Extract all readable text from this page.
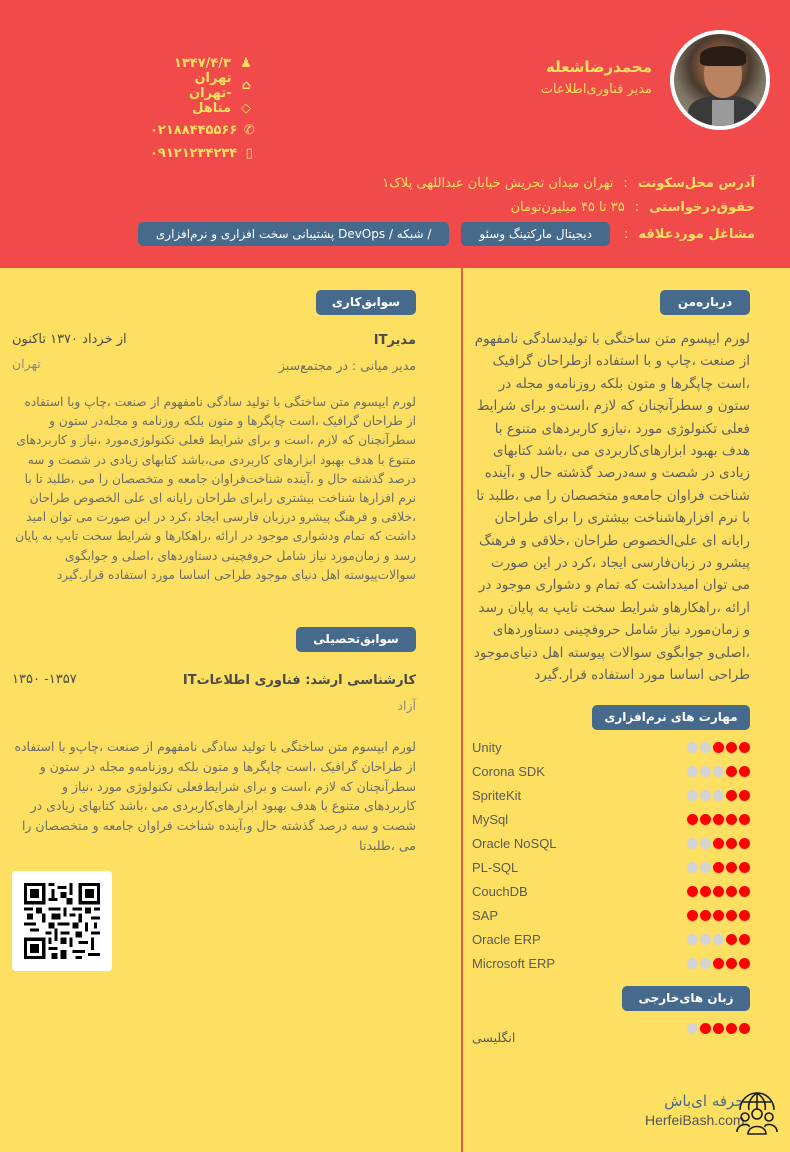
محمدرضاشعله
مدیر فناوری‌اطلاعات
♟
۱۳۴۷/۴/۳
⌂
تهران -تهران
◇
متاهل
✆
۰۲۱۸۸۴۴۵۵۶۶
▯
۰۹۱۲۱۲۳۴۲۳۴
آدرس محل‌سکونت
:
تهران میدان تجریش خیابان عبداللهی پلاک۱
حقوق‌درخواستی
:
۳۵ تا ۴۵ میلیون‌تومان
مشاغل موردعلاقه
:
دیجیتال مارکتینگ وسئو
/ شبکه / DevOps پشتیبانی سخت افزاری و نرم‌افزاری
درباره‌من
لورم ایپسوم متن ساختگی با تولیدسادگی نامفهوم از صنعت ،چاپ و با استفاده ازطراحان گرافیک ،است چاپگرها و متون بلکه روزنامه‌و مجله در ستون و سطرآنچنان که لازم ،است‌و برای شرایط فعلی تکنولوژی مورد ،نیازو کاربردهای متنوع با هدف بهبود ابزارهای‌کاربردی می ،باشد کتابهای زیادی در شصت و سه‌درصد گذشته حال و ،آینده شناخت فراوان جامعه‌و متخصصان را می ،طلبد تا با نرم افزارهاشناخت بیشتری را برای طراحان رایانه ای علی‌الخصوص طراحان ،خلاقی و فرهنگ پیشرو در زبان‌فارسی ایجاد ،کرد در این صورت می توان امیدداشت که تمام و دشواری موجود در ارائه ،راهکارهاو شرایط سخت تایپ به پایان رسد و زمان‌مورد نیاز شامل حروفچینی دستاوردهای ،اصلی‌و جوابگوی سوالات پیوسته اهل دنیای‌موجود طراحی اساسا مورد استفاده قرار.گیرد
مهارت های نرم‌افزاری
Unity
Corona SDK
SpriteKit
MySql
Oracle NoSQL
PL-SQL
CouchDB
SAP
Oracle ERP
Microsoft ERP
زبان های‌خارجی
انگلیسی
سوابق‌کاری
مدیرIT
مدیر میانی : در مجتمع‌سبز
از خرداد ۱۳۷۰ تاکنون
تهران
لورم ایپسوم متن ساختگی با تولید سادگی نامفهوم از صنعت ،چاپ وبا استفاده از طراحان گرافیک ،است چاپگرها و متون بلکه روزنامه و مجله‌در ستون و سطرآنچنان که لازم ،است و برای شرایط فعلی تکنولوژی‌مورد ،نیاز و کاربردهای متنوع با هدف بهبود ابزارهای کاربردی می‌،باشد کتابهای زیادی در شصت و سه درصد گذشته حال و ،آینده شناخت‌فراوان جامعه و متخصصان را می ،طلبد تا با نرم افزارها شناخت بیشتری رابرای طراحان رایانه ای علی الخصوص طراحان ،خلاقی و فرهنگ پیشرو درزبان فارسی ایجاد ،کرد در این صورت می توان امید داشت که تمام ودشواری موجود در ارائه ،راهکارها و شرایط سخت تایپ به پایان رسد و زمان‌مورد نیاز شامل حروفچینی دستاوردهای ،اصلی و جوابگوی سوالات‌پیوسته اهل دنیای موجود طراحی اساسا مورد استفاده قرار.گیرد
سوابق‌تحصیلی
کارشناسی ارشد: فناوری اطلاعاتIT
آزاد
۱۳۵۷- ۱۳۵۰
لورم ایپسوم متن ساختگی با تولید سادگی نامفهوم از صنعت ،چاپ‌و با استفاده از طراحان گرافیک ،است چاپگرها و متون بلکه روزنامه‌و مجله در ستون و سطرآنچنان که لازم ،است و برای شرایط‌فعلی تکنولوژی مورد ،نیاز و کاربردهای متنوع با هدف بهبود ابزارهای‌کاربردی می ،باشد کتابهای زیادی در شصت و سه درصد گذشته حال و،آینده شناخت فراوان جامعه و متخصصان را می ،طلبدتا
حرفه ای‌باش
HerfeiBash.com
